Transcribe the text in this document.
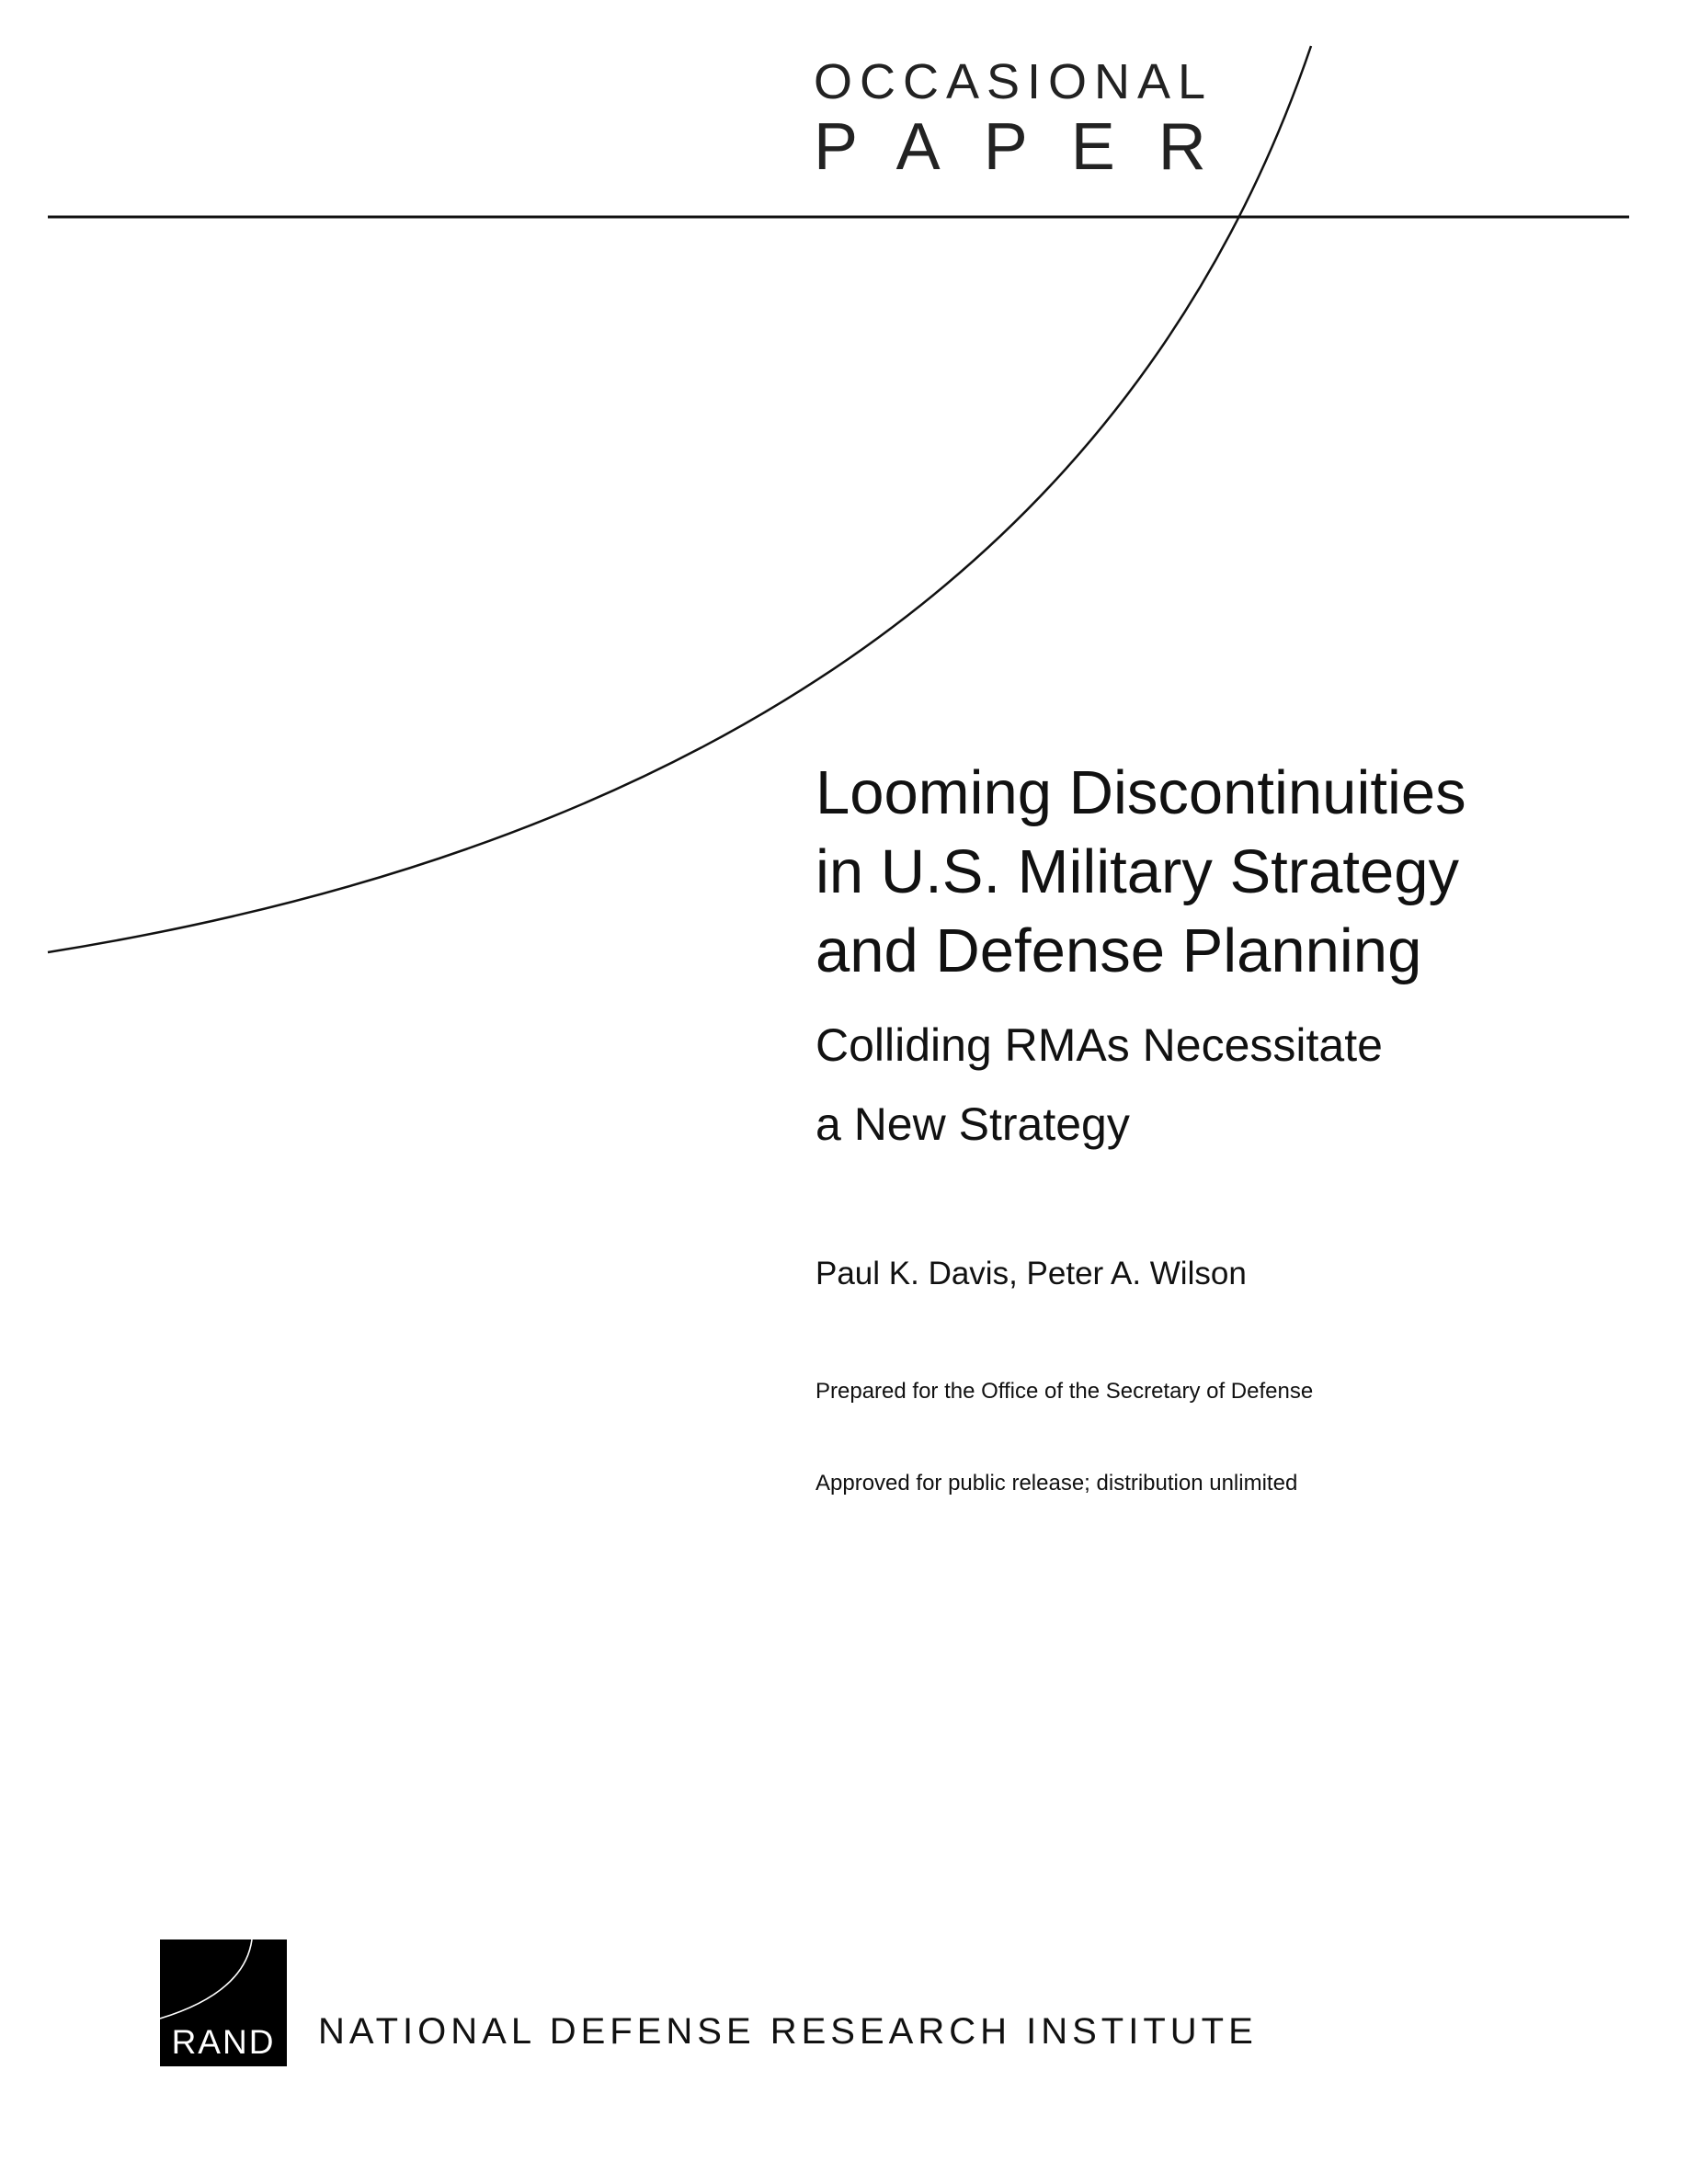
OCCASIONAL
PAPER
Looming Discontinuities
in U.S. Military Strategy
and Defense Planning
Colliding RMAs Necessitate
a New Strategy
Paul K. Davis, Peter A. Wilson
Prepared for the Office of the Secretary of Defense
Approved for public release; distribution unlimited
RAND	NATIONAL DEFENSE RESEARCH INSTITUTE
